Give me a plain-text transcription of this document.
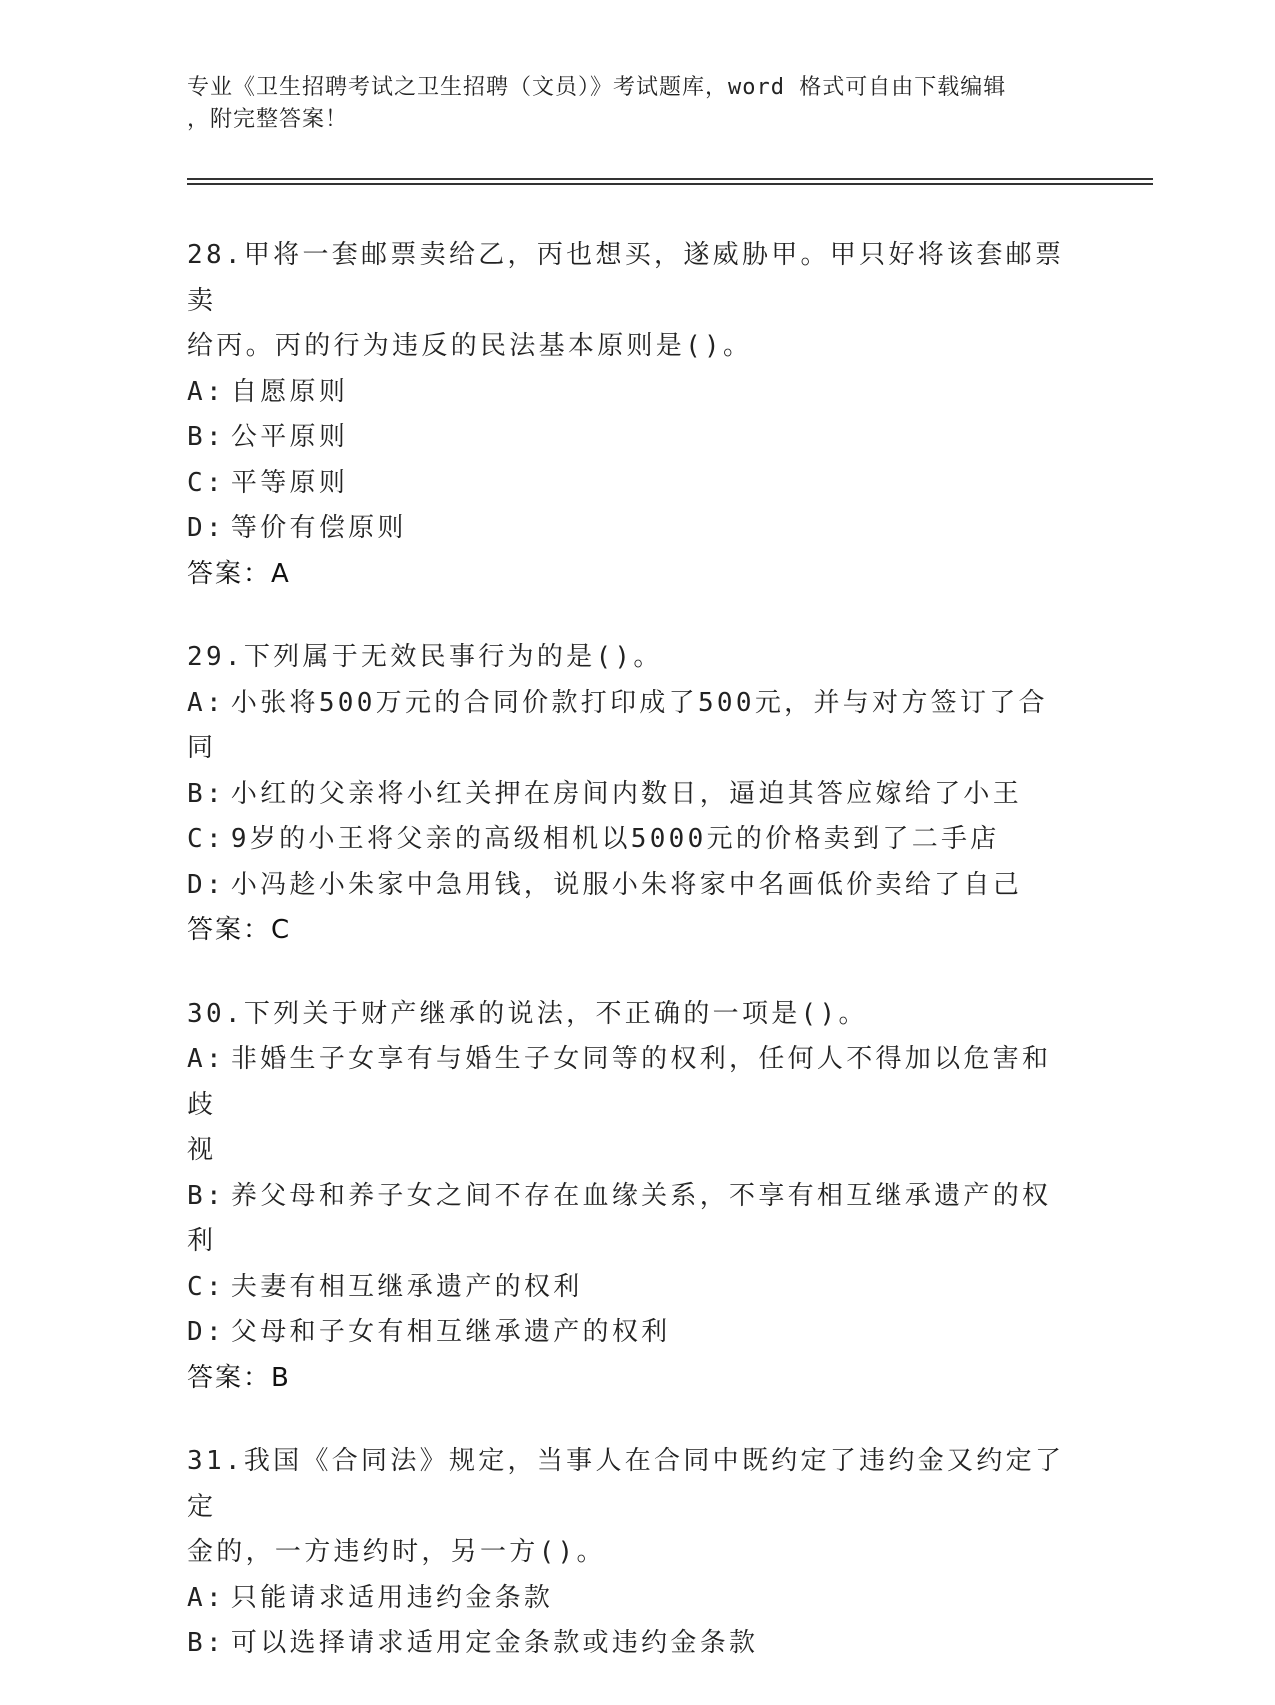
专业《卫生招聘考试之卫生招聘（文员）》考试题库，word 格式可自由下载编辑
，附完整答案！
28.甲将一套邮票卖给乙，丙也想买，遂威胁甲。甲只好将该套邮票卖
给丙。丙的行为违反的民法基本原则是()。
A: 自愿原则
B: 公平原则
C: 平等原则
D: 等价有偿原则
答案：A
29.下列属于无效民事行为的是()。
A: 小张将500万元的合同价款打印成了500元，并与对方签订了合同
B: 小红的父亲将小红关押在房间内数日，逼迫其答应嫁给了小王
C: 9岁的小王将父亲的高级相机以5000元的价格卖到了二手店
D: 小冯趁小朱家中急用钱，说服小朱将家中名画低价卖给了自己
答案：C
30.下列关于财产继承的说法，不正确的一项是()。
A: 非婚生子女享有与婚生子女同等的权利，任何人不得加以危害和歧
视
B: 养父母和养子女之间不存在血缘关系，不享有相互继承遗产的权利
C: 夫妻有相互继承遗产的权利
D: 父母和子女有相互继承遗产的权利
答案：B
31.我国《合同法》规定，当事人在合同中既约定了违约金又约定了定
金的，一方违约时，另一方()。
A: 只能请求适用违约金条款
B: 可以选择请求适用定金条款或违约金条款
